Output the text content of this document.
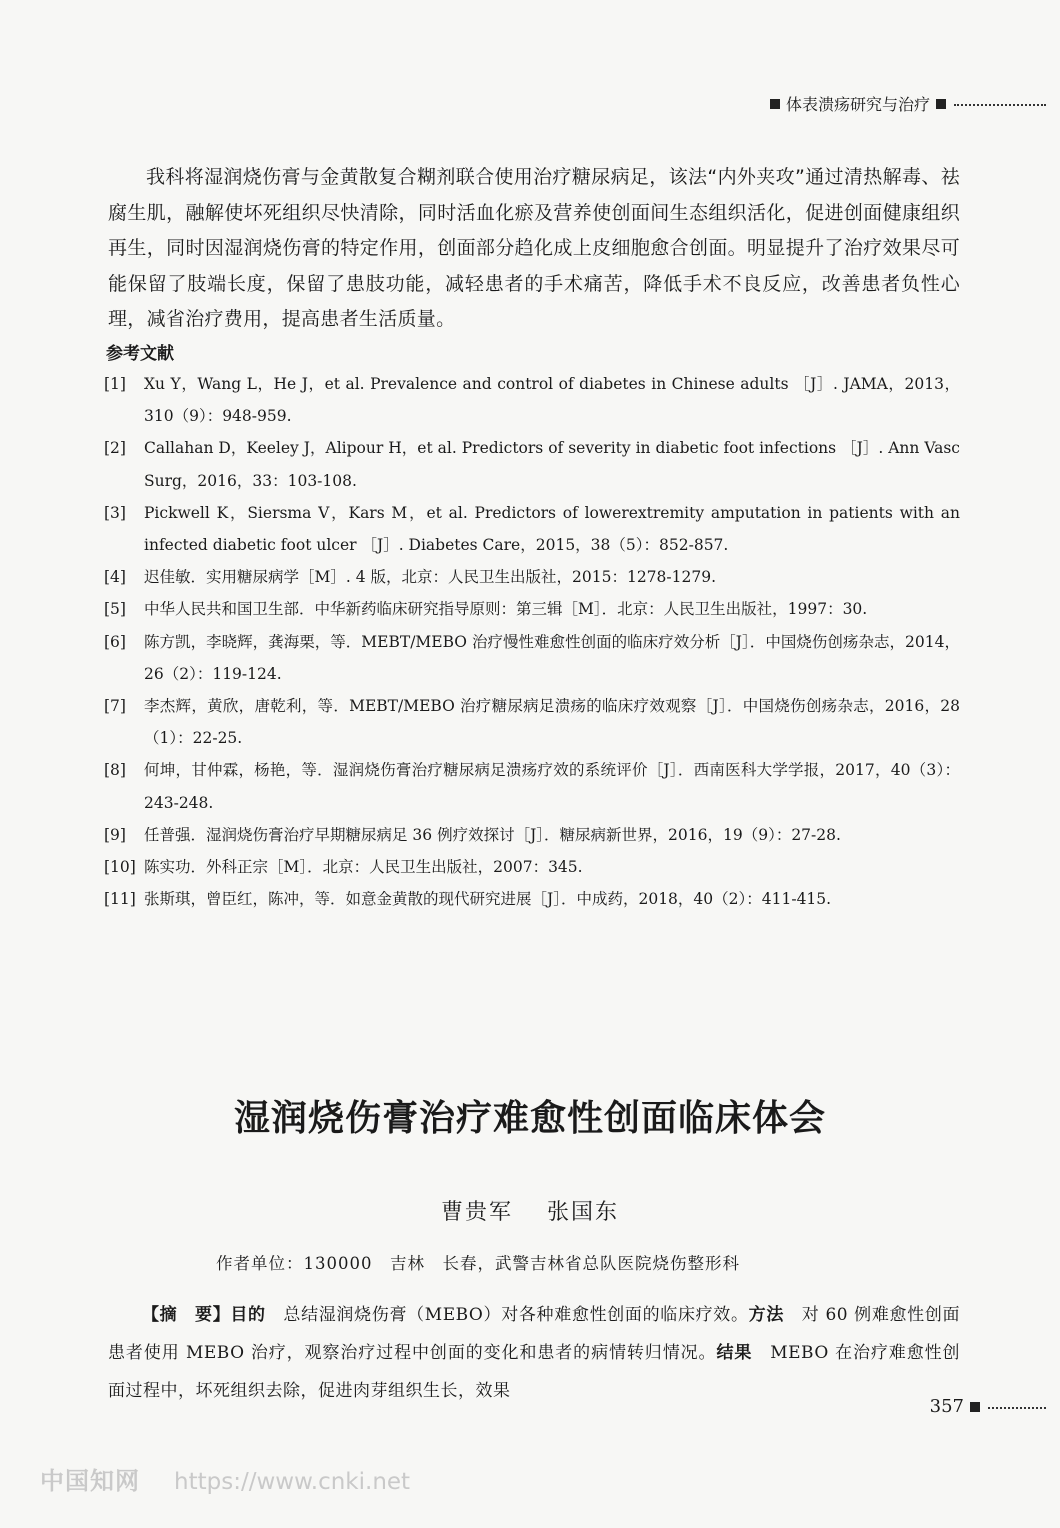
体表溃疡研究与治疗
我科将湿润烧伤膏与金黄散复合糊剂联合使用治疗糖尿病足，该法“内外夹攻”通过清热解毒、祛腐生肌，融解使坏死组织尽快清除，同时活血化瘀及营养使创面间生态组织活化，促进创面健康组织再生，同时因湿润烧伤膏的特定作用，创面部分趋化成上皮细胞愈合创面。明显提升了治疗效果尽可能保留了肢端长度，保留了患肢功能，减轻患者的手术痛苦，降低手术不良反应，改善患者负性心理，减省治疗费用，提高患者生活质量。
参考文献
[1]	Xu Y，Wang L，He J，et al. Prevalence and control of diabetes in Chinese adults ［J］. JAMA，2013，310（9）：948-959.
[2]	Callahan D，Keeley J，Alipour H，et al. Predictors of severity in diabetic foot infections ［J］. Ann Vasc Surg，2016，33：103-108.
[3]	Pickwell K，Siersma V，Kars M，et al. Predictors of lowerextremity amputation in patients with an infected diabetic foot ulcer ［J］. Diabetes Care，2015，38（5）：852-857.
[4]	迟佳敏．实用糖尿病学［M］. 4 版，北京：人民卫生出版社，2015：1278-1279.
[5]	中华人民共和国卫生部．中华新药临床研究指导原则：第三辑［M］．北京：人民卫生出版社，1997：30.
[6]	陈方凯，李晓辉，龚海栗，等．MEBT/MEBO 治疗慢性难愈性创面的临床疗效分析［J］．中国烧伤创疡杂志，2014，26（2）：119-124.
[7]	李杰辉，黄欣，唐乾利，等．MEBT/MEBO 治疗糖尿病足溃疡的临床疗效观察［J］．中国烧伤创疡杂志，2016，28（1）：22-25.
[8]	何坤，甘仲霖，杨艳，等．湿润烧伤膏治疗糖尿病足溃疡疗效的系统评价［J］．西南医科大学学报，2017，40（3）：243-248.
[9]	任普强．湿润烧伤膏治疗早期糖尿病足 36 例疗效探讨［J］．糖尿病新世界，2016，19（9）：27-28.
[10] 陈实功．外科正宗［M］．北京：人民卫生出版社，2007：345.
[11] 张斯琪，曾臣红，陈冲，等．如意金黄散的现代研究进展［J］．中成药，2018，40（2）：411-415.
湿润烧伤膏治疗难愈性创面临床体会
曹贵军 张国东
作者单位：130000　吉林　长春，武警吉林省总队医院烧伤整形科
【摘　要】目的　总结湿润烧伤膏（MEBO）对各种难愈性创面的临床疗效。方法　对 60 例难愈性创面患者使用 MEBO 治疗，观察治疗过程中创面的变化和患者的病情转归情况。结果　MEBO 在治疗难愈性创面过程中，坏死组织去除，促进肉芽组织生长，效果
357
中国知网 https://www.cnki.net
